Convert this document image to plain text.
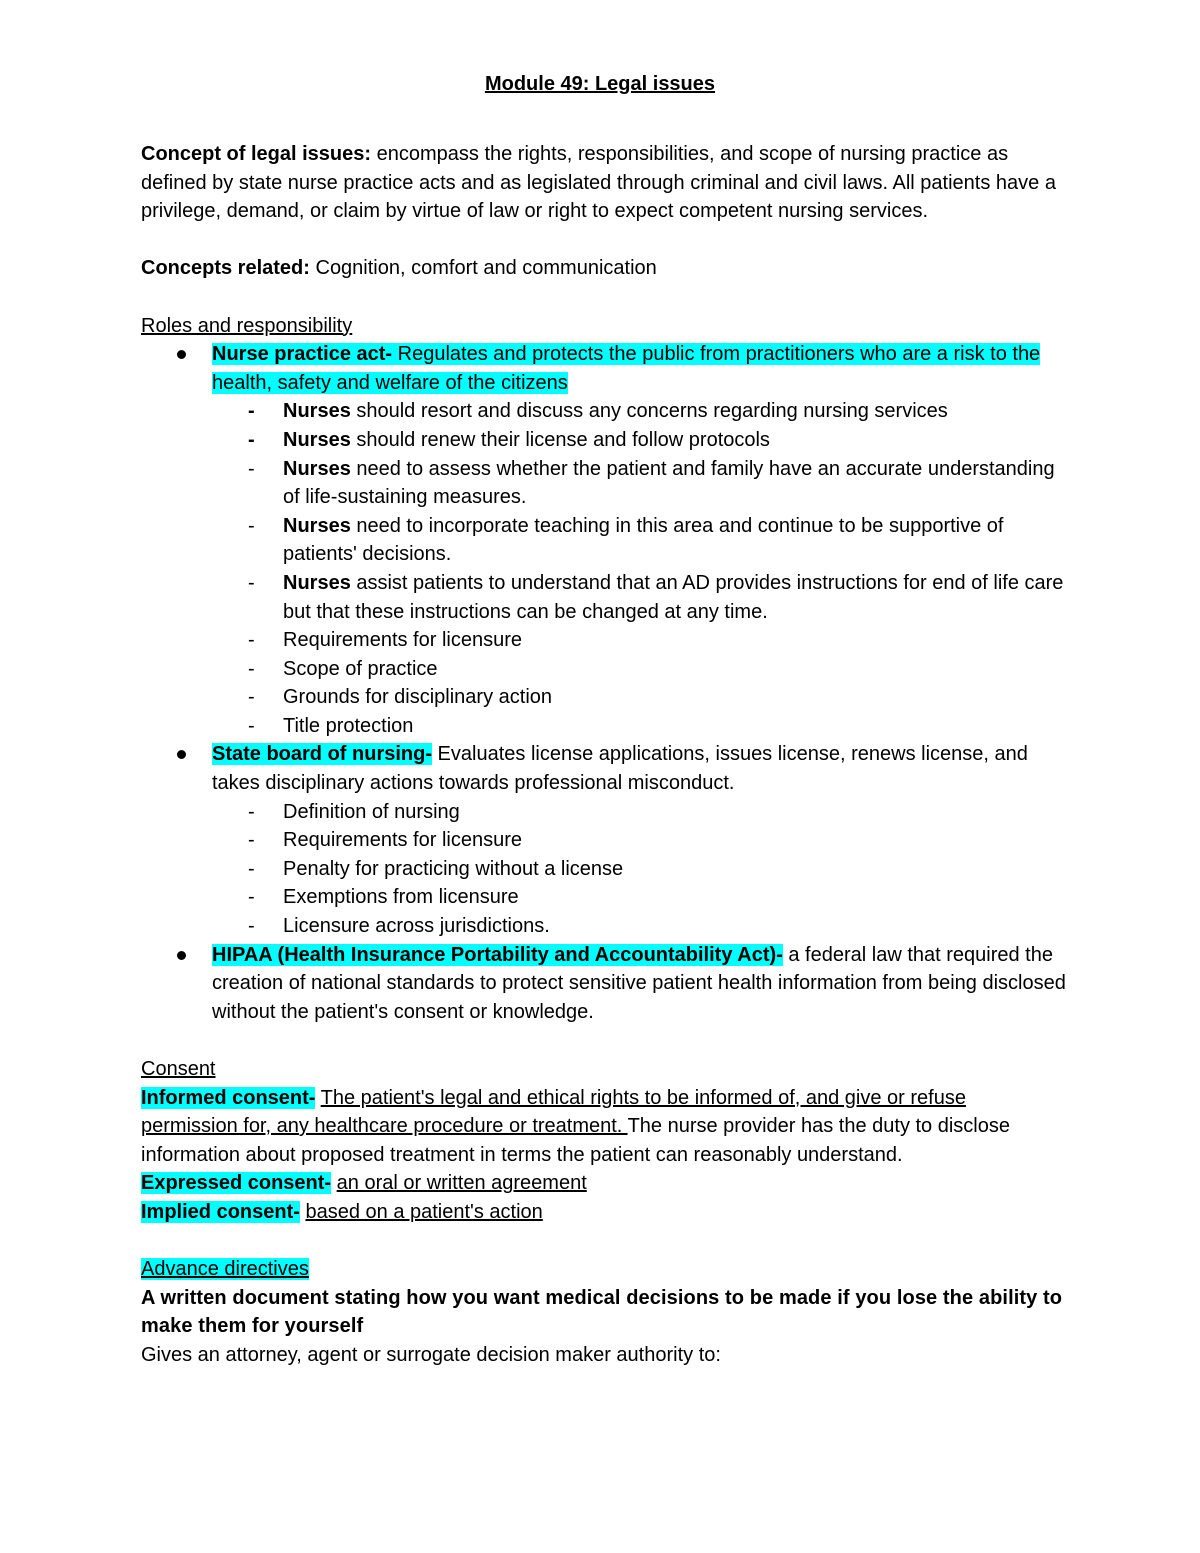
Module 49: Legal issues

Concept of legal issues: encompass the rights, responsibilities, and scope of nursing practice as defined by state nurse practice acts and as legislated through criminal and civil laws. All patients have a privilege, demand, or claim by virtue of law or right to expect competent nursing services.

Concepts related: Cognition, comfort and communication

Roles and responsibility

Nurse practice act- Regulates and protects the public from practitioners who are a risk to the health, safety and welfare of the citizens
- Nurses should resort and discuss any concerns regarding nursing services
- Nurses should renew their license and follow protocols
- Nurses need to assess whether the patient and family have an accurate understanding of life-sustaining measures.
- Nurses need to incorporate teaching in this area and continue to be supportive of patients' decisions.
- Nurses assist patients to understand that an AD provides instructions for end of life care but that these instructions can be changed at any time.
- Requirements for licensure
- Scope of practice
- Grounds for disciplinary action
- Title protection
State board of nursing- Evaluates license applications, issues license, renews license, and takes disciplinary actions towards professional misconduct.
- Definition of nursing
- Requirements for licensure
- Penalty for practicing without a license
- Exemptions from licensure
- Licensure across jurisdictions.
HIPAA (Health Insurance Portability and Accountability Act)- a federal law that required the creation of national standards to protect sensitive patient health information from being disclosed without the patient's consent or knowledge.

Consent

Informed consent- The patient's legal and ethical rights to be informed of, and give or refuse permission for, any healthcare procedure or treatment. The nurse provider has the duty to disclose information about proposed treatment in terms the patient can reasonably understand.

Expressed consent- an oral or written agreement

Implied consent- based on a patient's action

Advance directives

A written document stating how you want medical decisions to be made if you lose the ability to make them for yourself

Gives an attorney, agent or surrogate decision maker authority to:
